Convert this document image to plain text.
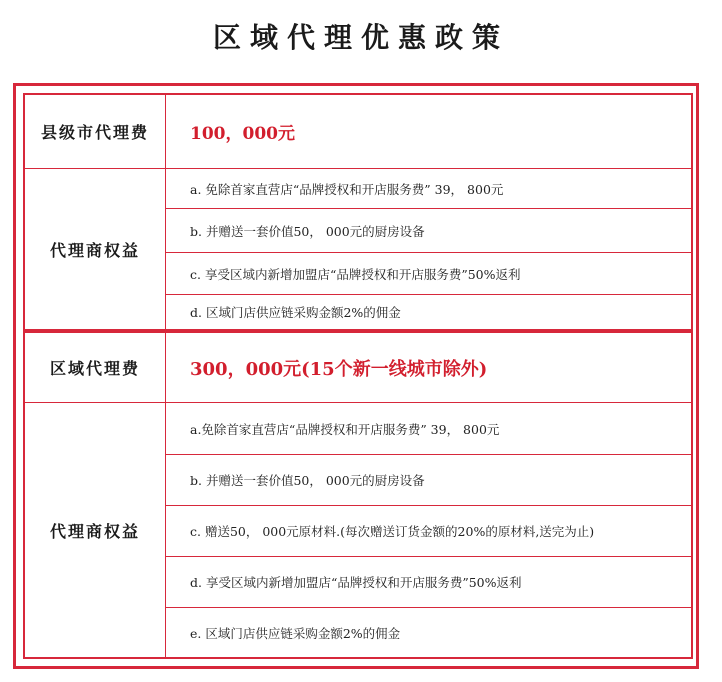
区域代理优惠政策
县级市代理费	100，000元
代理商权益
a. 免除首家直营店“品牌授权和开店服务费” 39， 800元
b. 并赠送一套价值50， 000元的厨房设备
c. 享受区域内新增加盟店“品牌授权和开店服务费”50%返利
d. 区域门店供应链采购金额2%的佣金
区域代理费	300，000元(15个新一线城市除外)
代理商权益
a.免除首家直营店“品牌授权和开店服务费” 39， 800元
b. 并赠送一套价值50， 000元的厨房设备
c. 赠送50， 000元原材料.(每次赠送订货金额的20%的原材料,送完为止)
d. 享受区域内新增加盟店“品牌授权和开店服务费”50%返利
e. 区域门店供应链采购金额2%的佣金
